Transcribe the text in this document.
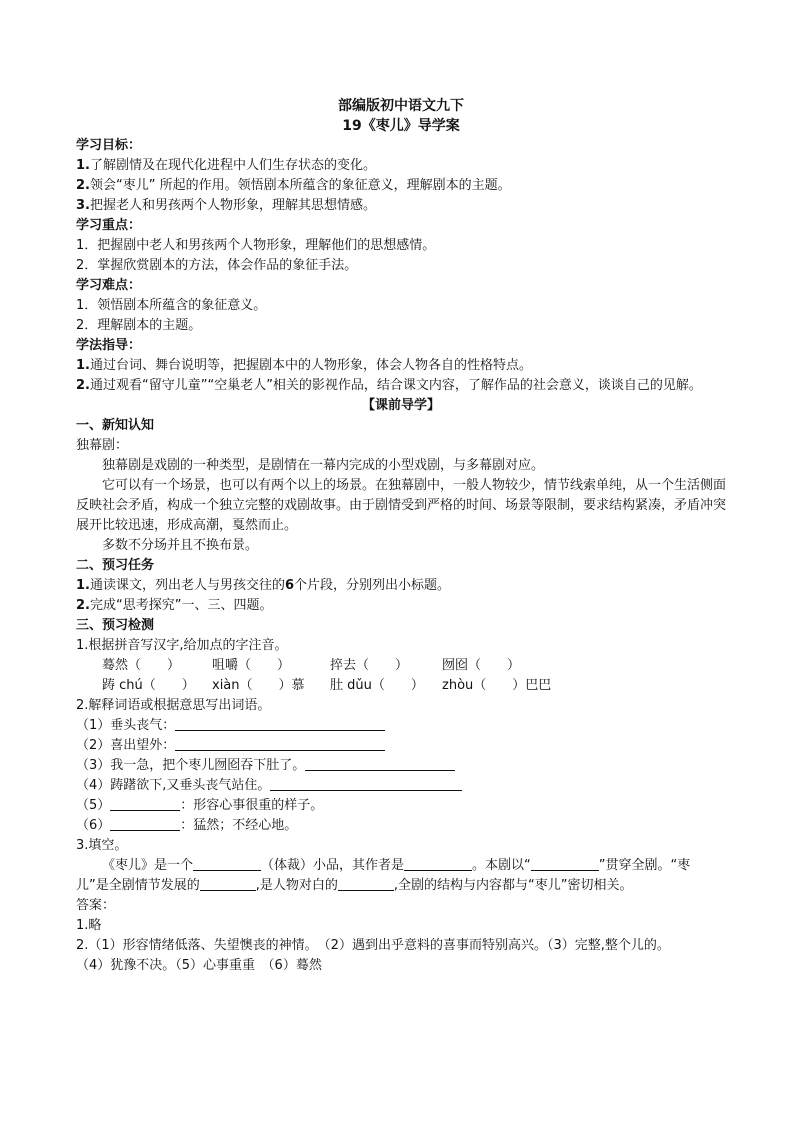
部编版初中语文九下
19《枣儿》导学案
学习目标：
1.了解剧情及在现代化进程中人们生存状态的变化。
2.领会“枣儿” 所起的作用。领悟剧本所蕴含的象征意义，理解剧本的主题。
3.把握老人和男孩两个人物形象，理解其思想情感。
学习重点：
1．把握剧中老人和男孩两个人物形象，理解他们的思想感情。
2．掌握欣赏剧本的方法，体会作品的象征手法。
学习难点：
1．领悟剧本所蕴含的象征意义。
2．理解剧本的主题。
学法指导：
1.通过台词、舞台说明等，把握剧本中的人物形象，体会人物各自的性格特点。
2.通过观看“留守儿童”“空巢老人”相关的影视作品，结合课文内容，了解作品的社会意义，谈谈自己的见解。
【课前导学】
一、新知认知
独幕剧：
独幕剧是戏剧的一种类型，是剧情在一幕内完成的小型戏剧，与多幕剧对应。
它可以有一个场景，也可以有两个以上的场景。在独幕剧中，一般人物较少，情节线索单纯，从一个生活侧面反映社会矛盾，构成一个独立完整的戏剧故事。由于剧情受到严格的时间、场景等限制，要求结构紧凑，矛盾冲突展开比较迅速，形成高潮，戛然而止。
多数不分场并且不换布景。
二、预习任务
1.通读课文，列出老人与男孩交往的6个片段，分别列出小标题。
2.完成“思考探究”一、三、四题。
三、预习检测
1.根据拼音写汉字,给加点的字注音。
蓦然（　　）	咀嚼（　　）	捽去（　　）	囫囵（　　）
踌 chú（　　）	xiàn（　　）慕	肚 dǔu（　　）	zhòu（　　）巴巴
2.解释词语或根据意思写出词语。
（1）垂头丧气：
（2）喜出望外：
（3）我一急，把个枣儿囫囵吞下肚了。
（4）踌躇欲下,又垂头丧气站住。
（5）	：形容心事很重的样子。
（6）	：猛然；不经心地。
3.填空。
《枣儿》是一个	（体裁）小品，其作者是	。本剧以“	”贯穿全剧。“枣
儿”是全剧情节发展的	,是人物对白的	,全剧的结构与内容都与“枣儿”密切相关。
答案：
1.略
2.（1）形容情绪低落、失望懊丧的神情。　（2）遇到出乎意料的喜事而特别高兴。（3）完整,整个儿的。
（4）犹豫不决。（5）心事重重　（6）蓦然
